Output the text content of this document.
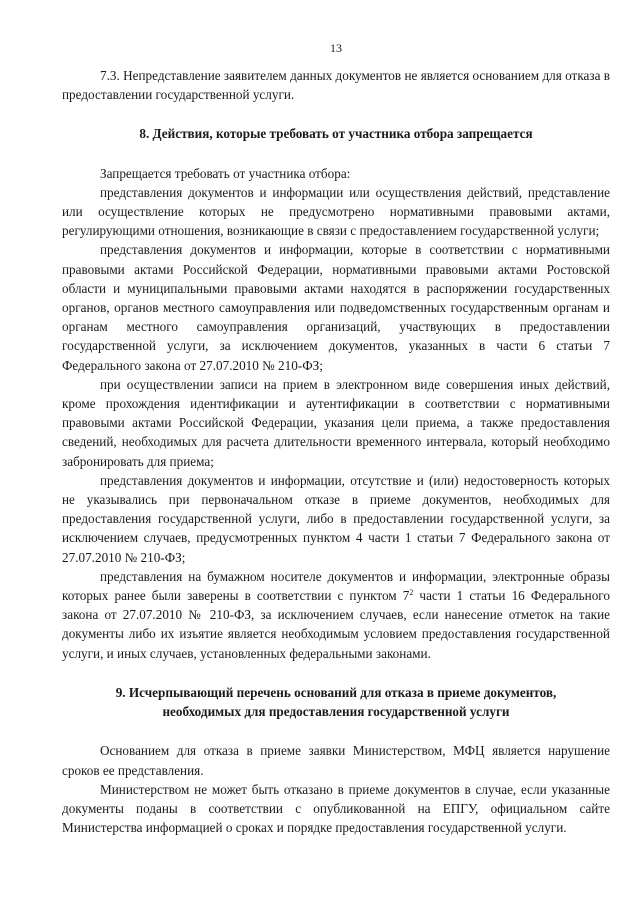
13

7.3. Непредставление заявителем данных документов не является основанием для отказа в предоставлении государственной услуги.

8. Действия, которые требовать от участника отбора запрещается

Запрещается требовать от участника отбора:

представления документов и информации или осуществления действий, представление или осуществление которых не предусмотрено нормативными правовыми актами, регулирующими отношения, возникающие в связи с предоставлением государственной услуги;

представления документов и информации, которые в соответствии с нормативными правовыми актами Российской Федерации, нормативными правовыми актами Ростовской области и муниципальными правовыми актами находятся в распоряжении государственных органов, органов местного самоуправления или подведомственных государственным органам и органам местного самоуправления организаций, участвующих в предоставлении государственной услуги, за исключением документов, указанных в части 6 статьи 7 Федерального закона от 27.07.2010 № 210-ФЗ;

при осуществлении записи на прием в электронном виде совершения иных действий, кроме прохождения идентификации и аутентификации в соответствии с нормативными правовыми актами Российской Федерации, указания цели приема, а также предоставления сведений, необходимых для расчета длительности временного интервала, который необходимо забронировать для приема;

представления документов и информации, отсутствие и (или) недостоверность которых не указывались при первоначальном отказе в приеме документов, необходимых для предоставления государственной услуги, либо в предоставлении государственной услуги, за исключением случаев, предусмотренных пунктом 4 части 1 статьи 7 Федерального закона от 27.07.2010 № 210-ФЗ;

представления на бумажном носителе документов и информации, электронные образы которых ранее были заверены в соответствии с пунктом $7^2$ части 1 статьи 16 Федерального закона от 27.07.2010 № 210-ФЗ, за исключением случаев, если нанесение отметок на такие документы либо их изъятие является необходимым условием предоставления государственной услуги, и иных случаев, установленных федеральными законами.

9. Исчерпывающий перечень оснований для отказа в приеме документов,
необходимых для предоставления государственной услуги

Основанием для отказа в приеме заявки Министерством, МФЦ является нарушение сроков ее представления.

Министерством не может быть отказано в приеме документов в случае, если указанные документы поданы в соответствии с опубликованной на ЕПГУ, официальном сайте Министерства информацией о сроках и порядке предоставления государственной услуги.
